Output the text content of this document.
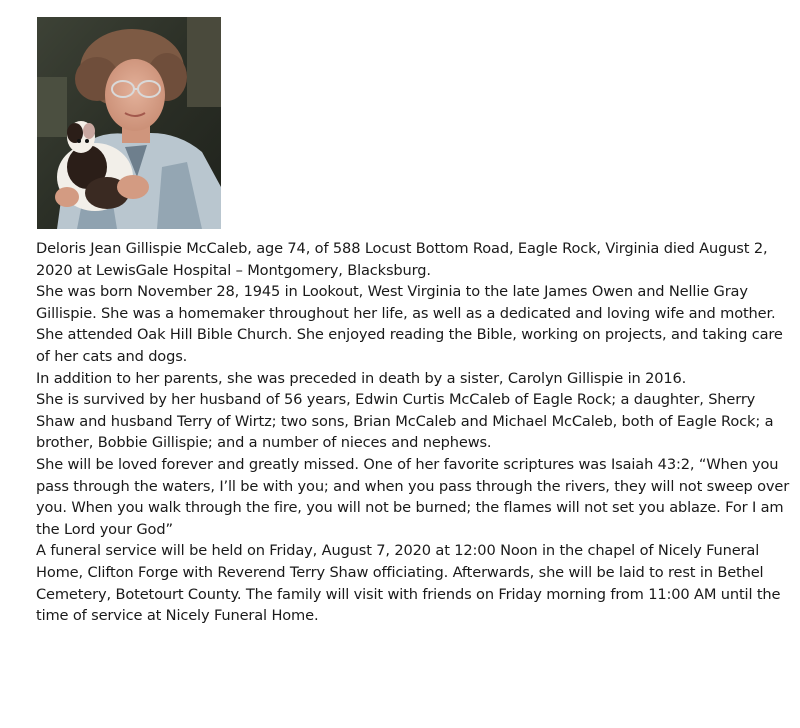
Deloris Jean Gillispie McCaleb, age 74, of 588 Locust Bottom Road, Eagle Rock, Virginia died August 2, 2020 at LewisGale Hospital – Montgomery, Blacksburg.

She was born November 28, 1945 in Lookout, West Virginia to the late James Owen and Nellie Gray Gillispie. She was a homemaker throughout her life, as well as a dedicated and loving wife and mother. She attended Oak Hill Bible Church. She enjoyed reading the Bible, working on projects, and taking care of her cats and dogs.

In addition to her parents, she was preceded in death by a sister, Carolyn Gillispie in 2016.

She is survived by her husband of 56 years, Edwin Curtis McCaleb of Eagle Rock; a daughter, Sherry Shaw and husband Terry of Wirtz; two sons, Brian McCaleb and Michael McCaleb, both of Eagle Rock; a brother, Bobbie Gillispie; and a number of nieces and nephews.

She will be loved forever and greatly missed. One of her favorite scriptures was Isaiah 43:2, “When you pass through the waters, I’ll be with you; and when you pass through the rivers, they will not sweep over you. When you walk through the fire, you will not be burned; the flames will not set you ablaze. For I am the Lord your God”

A funeral service will be held on Friday, August 7, 2020 at 12:00 Noon in the chapel of Nicely Funeral Home, Clifton Forge with Reverend Terry Shaw officiating. Afterwards, she will be laid to rest in Bethel Cemetery, Botetourt County. The family will visit with friends on Friday morning from 11:00 AM until the time of service at Nicely Funeral Home.
